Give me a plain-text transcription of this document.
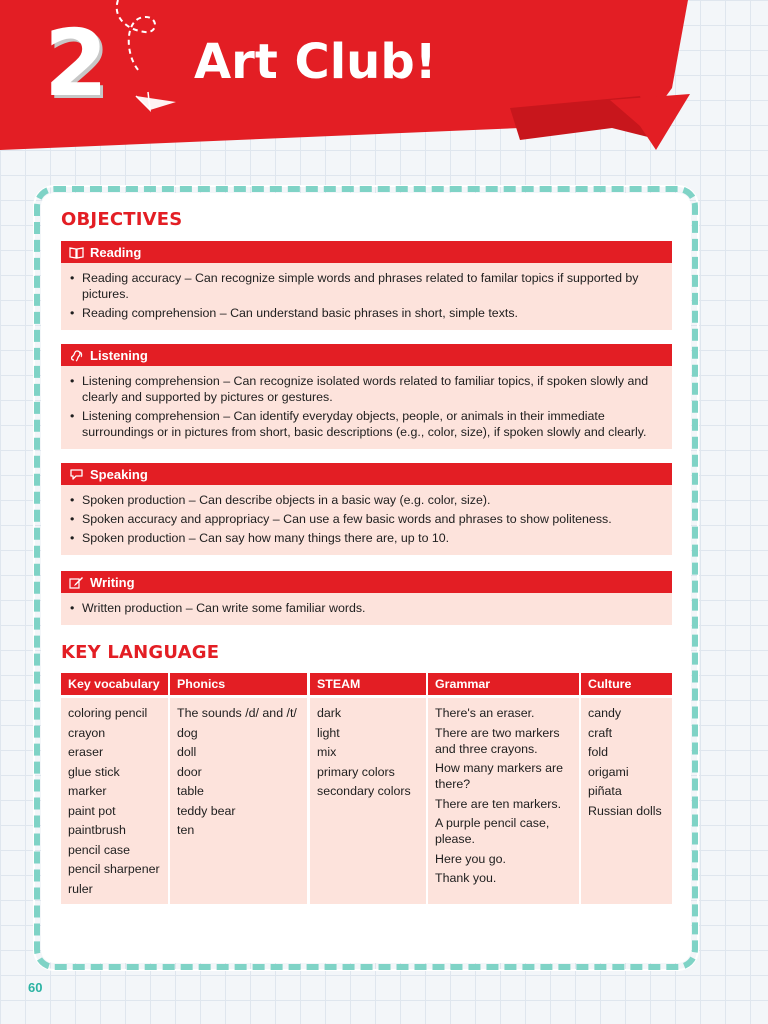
2 Art Club!
OBJECTIVES
Reading
• Reading accuracy – Can recognize simple words and phrases related to familar topics if supported by pictures.
• Reading comprehension – Can understand basic phrases in short, simple texts.
Listening
• Listening comprehension – Can recognize isolated words related to familiar topics, if spoken slowly and clearly and supported by pictures or gestures.
• Listening comprehension – Can identify everyday objects, people, or animals in their immediate surroundings or in pictures from short, basic descriptions (e.g., color, size), if spoken slowly and clearly.
Speaking
• Spoken production – Can describe objects in a basic way (e.g. color, size).
• Spoken accuracy and appropriacy – Can use a few basic words and phrases to show politeness.
• Spoken production – Can say how many things there are, up to 10.
Writing
• Written production – Can write some familiar words.
KEY LANGUAGE
Key vocabulary
coloring pencil
crayon
eraser
glue stick
marker
paint pot
paintbrush
pencil case
pencil sharpener
ruler
Phonics
The sounds /d/ and /t/
dog
doll
door
table
teddy bear
ten
STEAM
dark
light
mix
primary colors
secondary colors
Grammar
There's an eraser.
There are two markers and three crayons.
How many markers are there?
There are ten markers.
A purple pencil case, please.
Here you go.
Thank you.
Culture
candy
craft
fold
origami
piñata
Russian dolls
60
